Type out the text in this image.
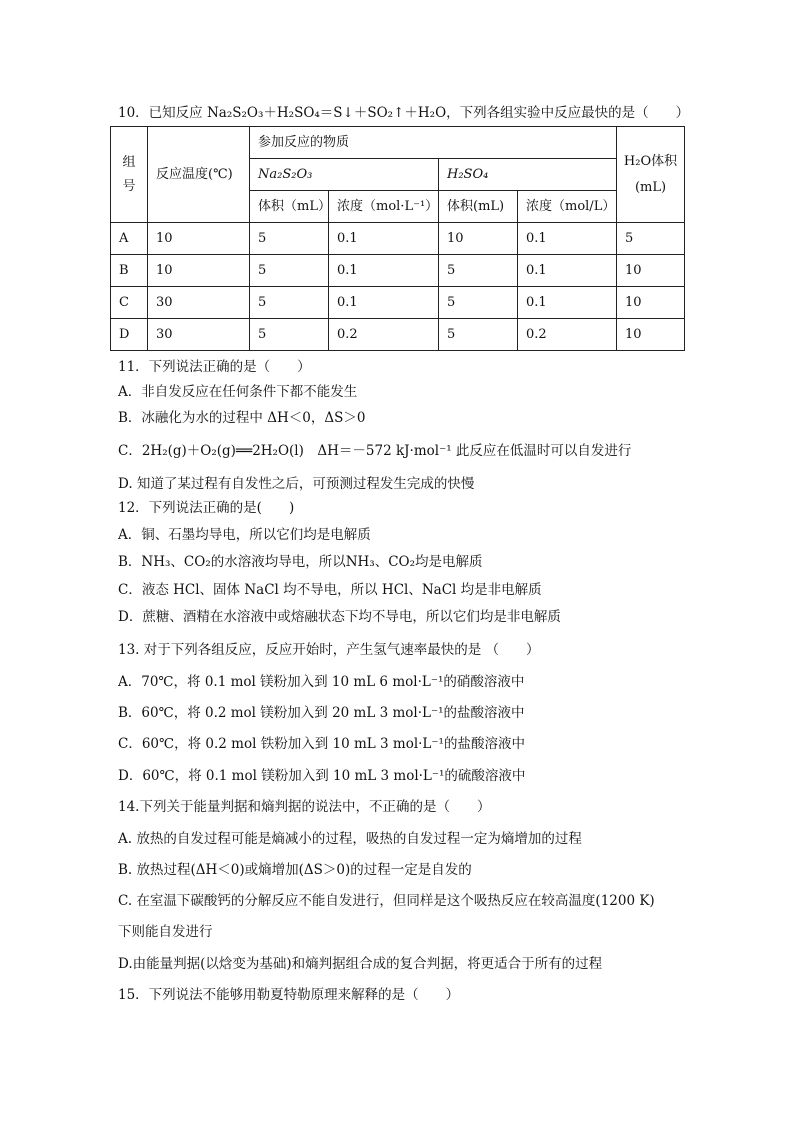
10．已知反应 Na₂S₂O₃＋H₂SO₄＝S↓＋SO₂↑＋H₂O，下列各组实验中反应最快的是（　　）
组号	反应温度(℃)	参加反应的物质				H₂O体积(mL)
		Na₂S₂O₃		H₂SO₄		
		体积（mL）	浓度（mol·L⁻¹）	体积(mL)	浓度（mol/L）	
A	10	5	0.1	10	0.1	5
B	10	5	0.1	5	0.1	10
C	30	5	0.1	5	0.1	10
D	30	5	0.2	5	0.2	10
11．下列说法正确的是（　　）
A．非自发反应在任何条件下都不能发生
B．冰融化为水的过程中 ΔH＜0，ΔS＞0
C．2H₂(g)＋O₂(g)══2H₂O(l)　ΔH＝－572 kJ·mol⁻¹ 此反应在低温时可以自发进行
D. 知道了某过程有自发性之后，可预测过程发生完成的快慢
12．下列说法正确的是(　　)
A．铜、石墨均导电，所以它们均是电解质
B．NH₃、CO₂的水溶液均导电，所以NH₃、CO₂均是电解质
C．液态 HCl、固体 NaCl 均不导电，所以 HCl、NaCl 均是非电解质
D．蔗糖、酒精在水溶液中或熔融状态下均不导电，所以它们均是非电解质
13. 对于下列各组反应，反应开始时，产生氢气速率最快的是 （　　）
A．70℃，将 0.1 mol 镁粉加入到 10 mL 6 mol·L⁻¹的硝酸溶液中
B．60℃，将 0.2 mol 镁粉加入到 20 mL 3 mol·L⁻¹的盐酸溶液中
C．60℃，将 0.2 mol 铁粉加入到 10 mL 3 mol·L⁻¹的盐酸溶液中
D．60℃，将 0.1 mol 镁粉加入到 10 mL 3 mol·L⁻¹的硫酸溶液中
14.下列关于能量判据和熵判据的说法中，不正确的是（　　）
A. 放热的自发过程可能是熵减小的过程，吸热的自发过程一定为熵增加的过程
B. 放热过程(ΔH＜0)或熵增加(ΔS＞0)的过程一定是自发的
C. 在室温下碳酸钙的分解反应不能自发进行，但同样是这个吸热反应在较高温度(1200 K)
下则能自发进行
D.由能量判据(以焓变为基础)和熵判据组合成的复合判据，将更适合于所有的过程
15．下列说法不能够用勒夏特勒原理来解释的是（　　）
